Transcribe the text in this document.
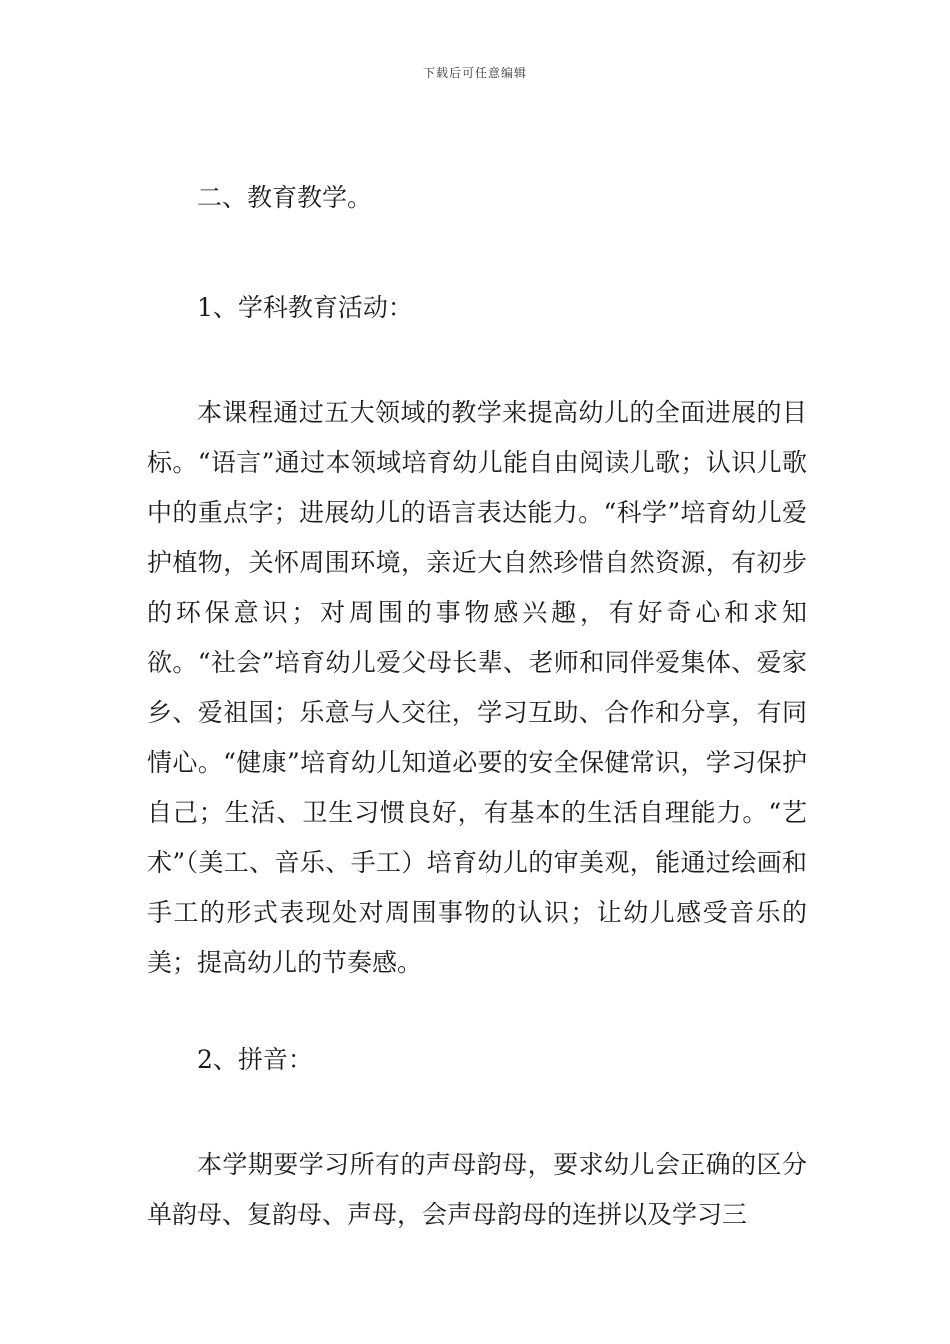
下载后可任意编辑

二、教育教学。

1、学科教育活动：

本课程通过五大领域的教学来提高幼儿的全面进展的目标。“语言”通过本领域培育幼儿能自由阅读儿歌；认识儿歌中的重点字；进展幼儿的语言表达能力。“科学”培育幼儿爱护植物，关怀周围环境，亲近大自然珍惜自然资源，有初步的环保意识；对周围的事物感兴趣，有好奇心和求知欲。“社会”培育幼儿爱父母长辈、老师和同伴爱集体、爱家乡、爱祖国；乐意与人交往，学习互助、合作和分享，有同情心。“健康”培育幼儿知道必要的安全保健常识，学习保护自己；生活、卫生习惯良好，有基本的生活自理能力。“艺术”（美工、音乐、手工）培育幼儿的审美观，能通过绘画和手工的形式表现处对周围事物的认识；让幼儿感受音乐的美；提高幼儿的节奏感。

2、拼音：

本学期要学习所有的声母韵母，要求幼儿会正确的区分单韵母、复韵母、声母，会声母韵母的连拼以及学习三
